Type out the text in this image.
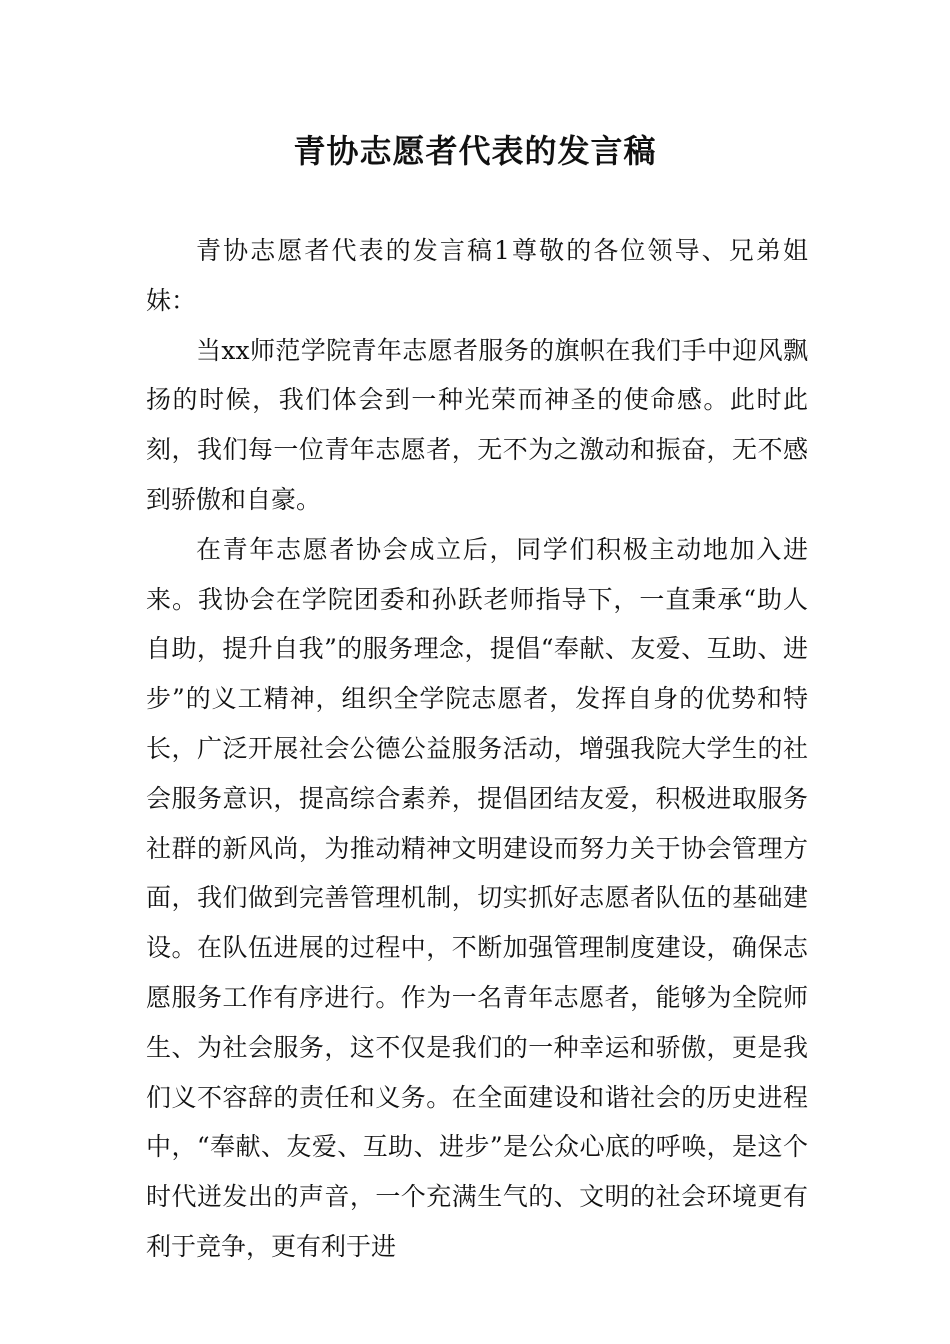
青协志愿者代表的发言稿

青协志愿者代表的发言稿1尊敬的各位领导、兄弟姐妹：

当xx师范学院青年志愿者服务的旗帜在我们手中迎风飘扬的时候，我们体会到一种光荣而神圣的使命感。此时此刻，我们每一位青年志愿者，无不为之激动和振奋，无不感到骄傲和自豪。

在青年志愿者协会成立后，同学们积极主动地加入进来。我协会在学院团委和孙跃老师指导下，一直秉承“助人自助，提升自我”的服务理念，提倡“奉献、友爱、互助、进步”的义工精神，组织全学院志愿者，发挥自身的优势和特长，广泛开展社会公德公益服务活动，增强我院大学生的社会服务意识，提高综合素养，提倡团结友爱，积极进取服务社群的新风尚，为推动精神文明建设而努力关于协会管理方面，我们做到完善管理机制，切实抓好志愿者队伍的基础建设。在队伍进展的过程中，不断加强管理制度建设，确保志愿服务工作有序进行。作为一名青年志愿者，能够为全院师生、为社会服务，这不仅是我们的一种幸运和骄傲，更是我们义不容辞的责任和义务。在全面建设和谐社会的历史进程中，“奉献、友爱、互助、进步”是公众心底的呼唤，是这个时代迸发出的声音，一个充满生气的、文明的社会环境更有利于竞争，更有利于进
